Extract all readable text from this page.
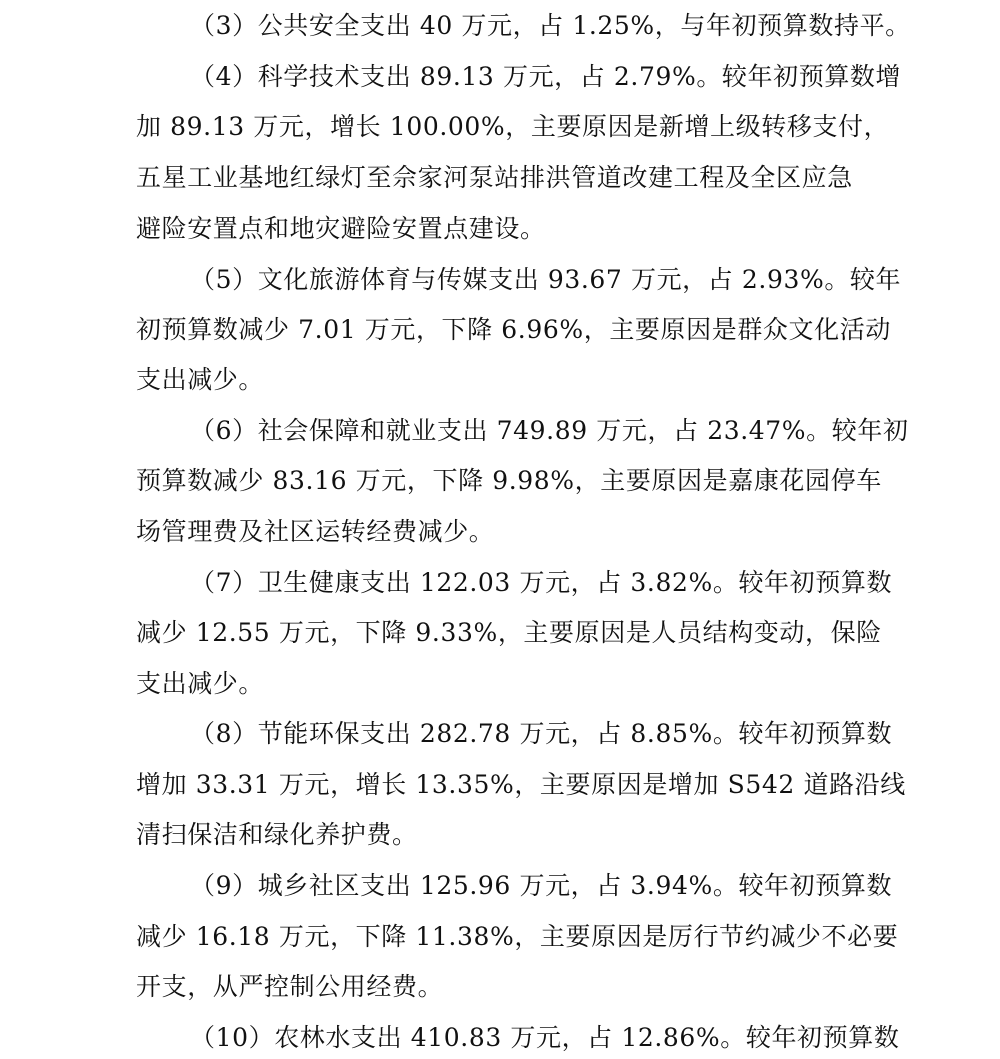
（3）公共安全支出 40 万元，占 1.25%，与年初预算数持平。
（4）科学技术支出 89.13 万元，占 2.79%。较年初预算数增
加 89.13 万元，增长 100.00%，主要原因是新增上级转移支付，
五星工业基地红绿灯至佘家河泵站排洪管道改建工程及全区应急
避险安置点和地灾避险安置点建设。
（5）文化旅游体育与传媒支出 93.67 万元，占 2.93%。较年
初预算数减少 7.01 万元，下降 6.96%，主要原因是群众文化活动
支出减少。
（6）社会保障和就业支出 749.89 万元，占 23.47%。较年初
预算数减少 83.16 万元，下降 9.98%，主要原因是嘉康花园停车
场管理费及社区运转经费减少。
（7）卫生健康支出 122.03 万元，占 3.82%。较年初预算数
减少 12.55 万元，下降 9.33%，主要原因是人员结构变动，保险
支出减少。
（8）节能环保支出 282.78 万元，占 8.85%。较年初预算数
增加 33.31 万元，增长 13.35%，主要原因是增加 S542 道路沿线
清扫保洁和绿化养护费。
（9）城乡社区支出 125.96 万元，占 3.94%。较年初预算数
减少 16.18 万元，下降 11.38%，主要原因是厉行节约减少不必要
开支，从严控制公用经费。
（10）农林水支出 410.83 万元，占 12.86%。较年初预算数
